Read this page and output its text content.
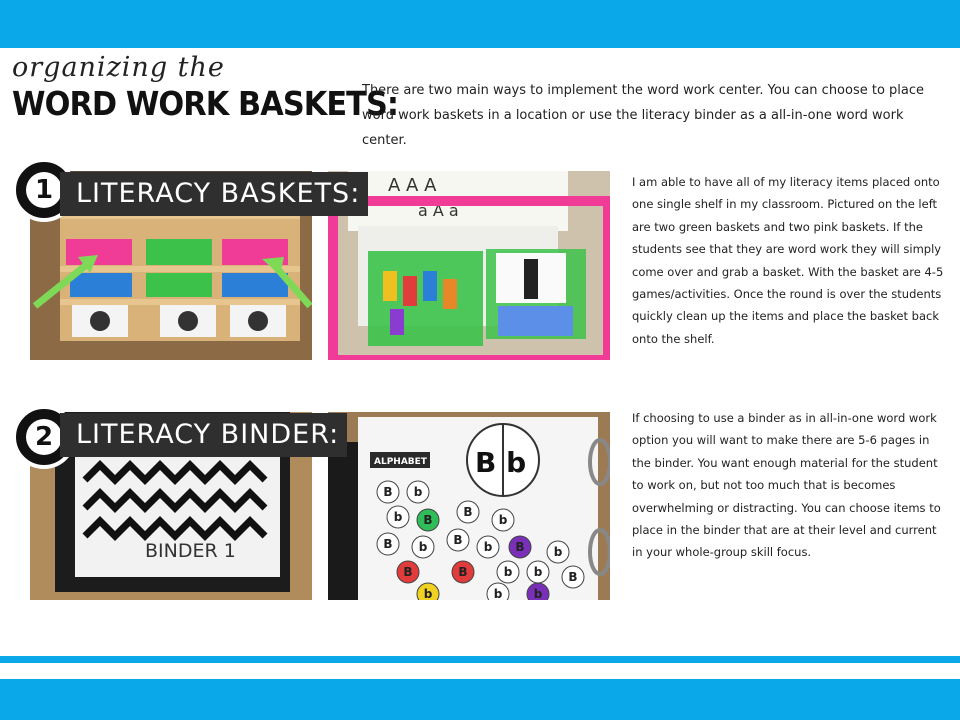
organizing the
WORD WORK BASKETS:
There are two main ways to implement the word work center. You can choose to place word work baskets in a location or use the literacy binder as a all-in-one word work center.
A A A
a A a
1 LITERACY BASKETS:	I am able to have all of my literacy items placed onto one single shelf in my classroom. Pictured on the left are two green baskets and two pink baskets. If the students see that they are word work they will simply come over and grab a basket. With the basket are 4-5 games/activities. Once the round is over the students quickly clean up the items and place the basket back onto the shelf.
BINDER 1
ALPHABET B b
B b
b B
B
b
B b B b B b
B	B	b b B
b	b	b
2 LITERACY BINDER:
If choosing to use a binder as in all-in-one word work option you will want to make there are 5-6 pages in the binder. You want enough material for the student to work on, but not too much that is becomes overwhelming or distracting. You can choose items to place in the binder that are at their level and current in your whole-group skill focus.
